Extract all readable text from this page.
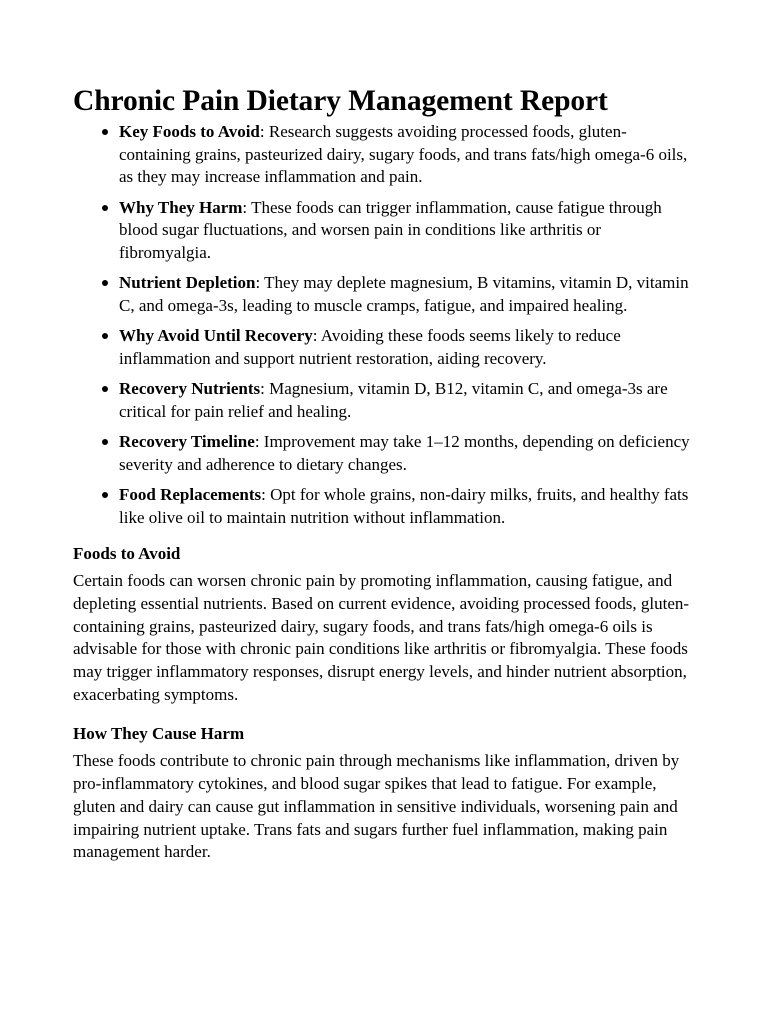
Chronic Pain Dietary Management Report
Key Foods to Avoid: Research suggests avoiding processed foods, gluten-containing grains, pasteurized dairy, sugary foods, and trans fats/high omega-6 oils, as they may increase inflammation and pain.
Why They Harm: These foods can trigger inflammation, cause fatigue through blood sugar fluctuations, and worsen pain in conditions like arthritis or fibromyalgia.
Nutrient Depletion: They may deplete magnesium, B vitamins, vitamin D, vitamin C, and omega-3s, leading to muscle cramps, fatigue, and impaired healing.
Why Avoid Until Recovery: Avoiding these foods seems likely to reduce inflammation and support nutrient restoration, aiding recovery.
Recovery Nutrients: Magnesium, vitamin D, B12, vitamin C, and omega-3s are critical for pain relief and healing.
Recovery Timeline: Improvement may take 1–12 months, depending on deficiency severity and adherence to dietary changes.
Food Replacements: Opt for whole grains, non-dairy milks, fruits, and healthy fats like olive oil to maintain nutrition without inflammation.
Foods to Avoid

Certain foods can worsen chronic pain by promoting inflammation, causing fatigue, and depleting essential nutrients. Based on current evidence, avoiding processed foods, gluten-containing grains, pasteurized dairy, sugary foods, and trans fats/high omega-6 oils is advisable for those with chronic pain conditions like arthritis or fibromyalgia. These foods may trigger inflammatory responses, disrupt energy levels, and hinder nutrient absorption, exacerbating symptoms.

How They Cause Harm

These foods contribute to chronic pain through mechanisms like inflammation, driven by pro-inflammatory cytokines, and blood sugar spikes that lead to fatigue. For example, gluten and dairy can cause gut inflammation in sensitive individuals, worsening pain and impairing nutrient uptake. Trans fats and sugars further fuel inflammation, making pain management harder.
